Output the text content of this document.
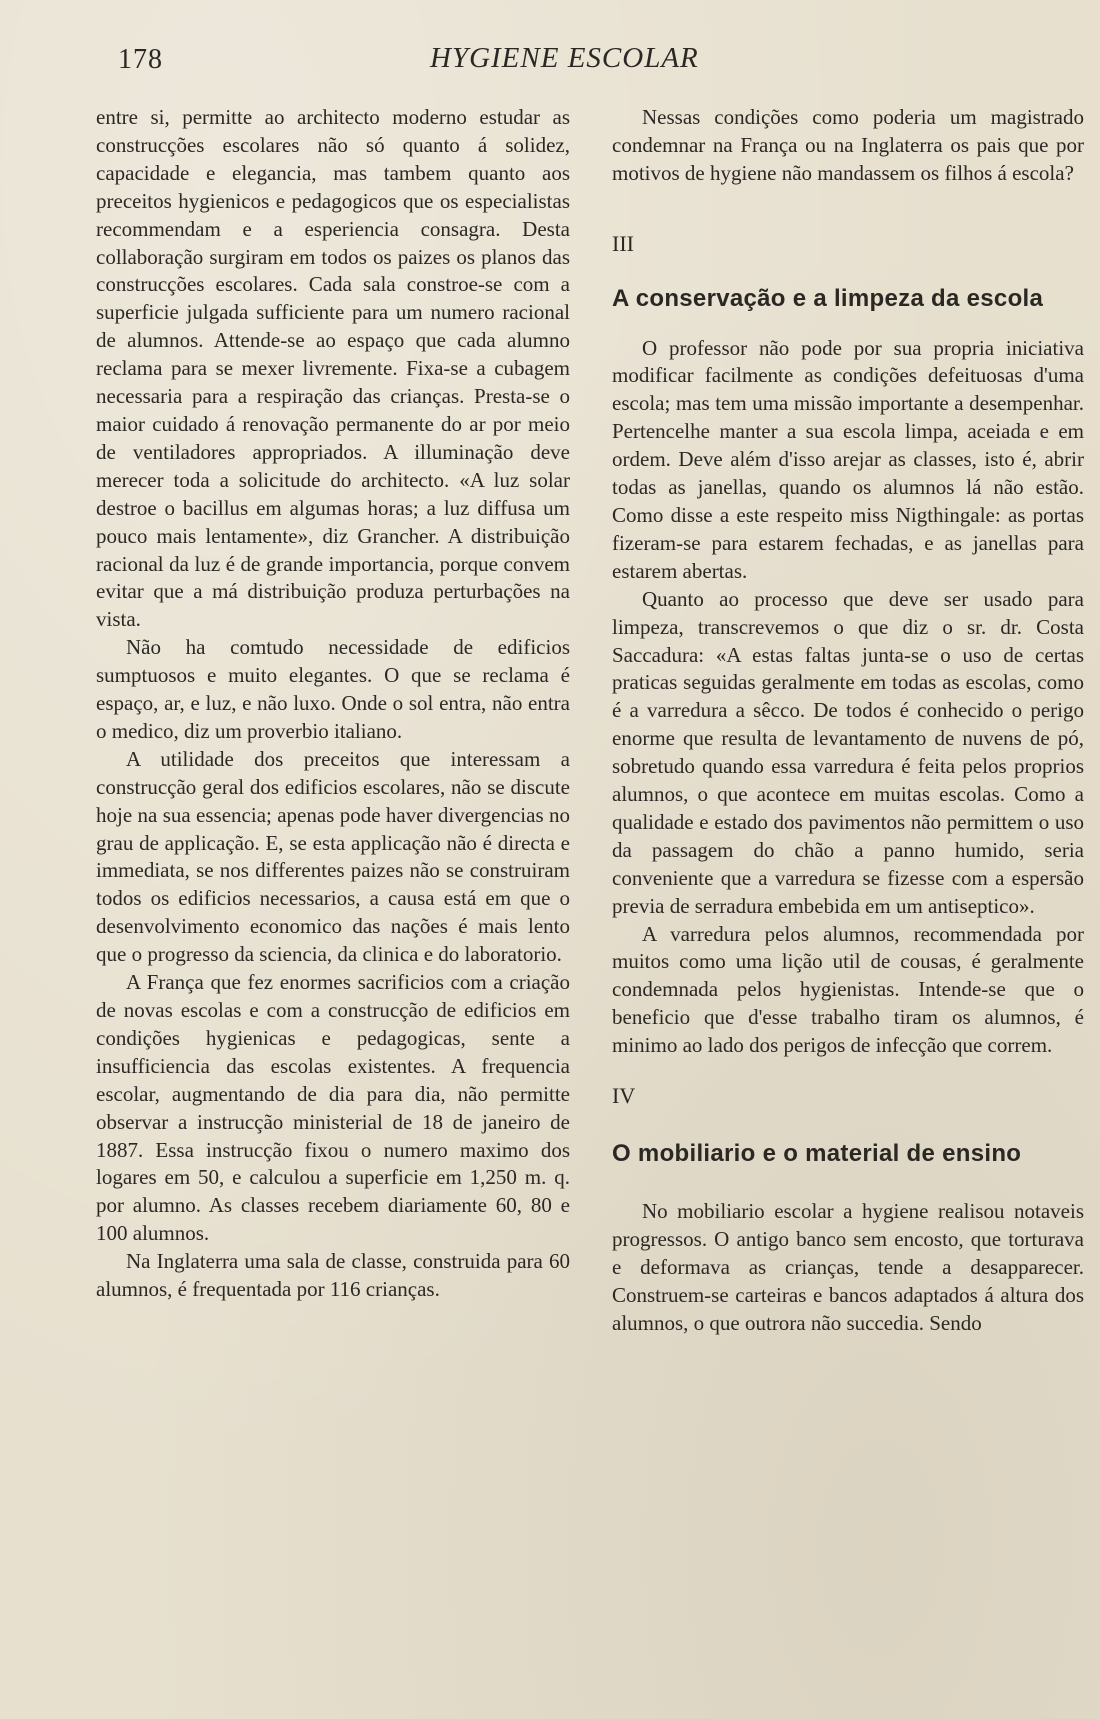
178	HYGIENE ESCOLAR

entre si, permitte ao architecto moderno estudar as construcções escolares não só quanto á solidez, capacidade e elegancia, mas tambem quanto aos preceitos hygienicos e pedagogicos que os especialistas recommendam e a esperiencia consagra. Desta collaboração surgiram em todos os paizes os planos das construcções escolares. Cada sala constroe-se com a superficie julgada sufficiente para um numero racional de alumnos. Attende-se ao espaço que cada alumno reclama para se mexer livremente. Fixa-se a cubagem necessaria para a respiração das crianças. Presta-se o maior cuidado á renovação permanente do ar por meio de ventiladores appropriados. A illuminação deve merecer toda a solicitude do architecto. «A luz solar destroe o bacillus em algumas horas; a luz diffusa um pouco mais lentamente», diz Grancher. A distribuição racional da luz é de grande importancia, porque convem evitar que a má distribuição produza perturbações na vista.

Não ha comtudo necessidade de edificios sumptuosos e muito elegantes. O que se reclama é espaço, ar, e luz, e não luxo. Onde o sol entra, não entra o medico, diz um proverbio italiano.

A utilidade dos preceitos que interessam a construcção geral dos edificios escolares, não se discute hoje na sua essencia; apenas pode haver divergencias no grau de applicação. E, se esta applicação não é directa e immediata, se nos differentes paizes não se construiram todos os edificios necessarios, a causa está em que o desenvolvimento economico das nações é mais lento que o progresso da sciencia, da clinica e do laboratorio.

A França que fez enormes sacrificios com a criação de novas escolas e com a construcção de edificios em condições hygienicas e pedagogicas, sente a insufficiencia das escolas existentes. A frequencia escolar, augmentando de dia para dia, não permitte observar a instrucção ministerial de 18 de janeiro de 1887. Essa instrucção fixou o numero maximo dos logares em 50, e calculou a superficie em 1,250 m. q. por alumno. As classes recebem diariamente 60, 80 e 100 alumnos.

Na Inglaterra uma sala de classe, construida para 60 alumnos, é frequentada por 116 crianças.

Nessas condições como poderia um magistrado condemnar na França ou na Inglaterra os pais que por motivos de hygiene não mandassem os filhos á escola?

III

A conservação e a limpeza da escola

O professor não pode por sua propria iniciativa modificar facilmente as condições defeituosas d'uma escola; mas tem uma missão importante a desempenhar. Pertencelhe manter a sua escola limpa, aceiada e em ordem. Deve além d'isso arejar as classes, isto é, abrir todas as janellas, quando os alumnos lá não estão. Como disse a este respeito miss Nigthingale: as portas fizeram-se para estarem fechadas, e as janellas para estarem abertas.

Quanto ao processo que deve ser usado para limpeza, transcrevemos o que diz o sr. dr. Costa Saccadura: «A estas faltas junta-se o uso de certas praticas seguidas geralmente em todas as escolas, como é a varredura a sêcco. De todos é conhecido o perigo enorme que resulta de levantamento de nuvens de pó, sobretudo quando essa varredura é feita pelos proprios alumnos, o que acontece em muitas escolas. Como a qualidade e estado dos pavimentos não permittem o uso da passagem do chão a panno humido, seria conveniente que a varredura se fizesse com a espersão previa de serradura embebida em um antiseptico».

A varredura pelos alumnos, recommendada por muitos como uma lição util de cousas, é geralmente condemnada pelos hygienistas. Intende-se que o beneficio que d'esse trabalho tiram os alumnos, é minimo ao lado dos perigos de infecção que correm.

IV

O mobiliario e o material de ensino

No mobiliario escolar a hygiene realisou notaveis progressos. O antigo banco sem encosto, que torturava e deformava as crianças, tende a desapparecer. Construem-se carteiras e bancos adaptados á altura dos alumnos, o que outrora não succedia. Sendo
